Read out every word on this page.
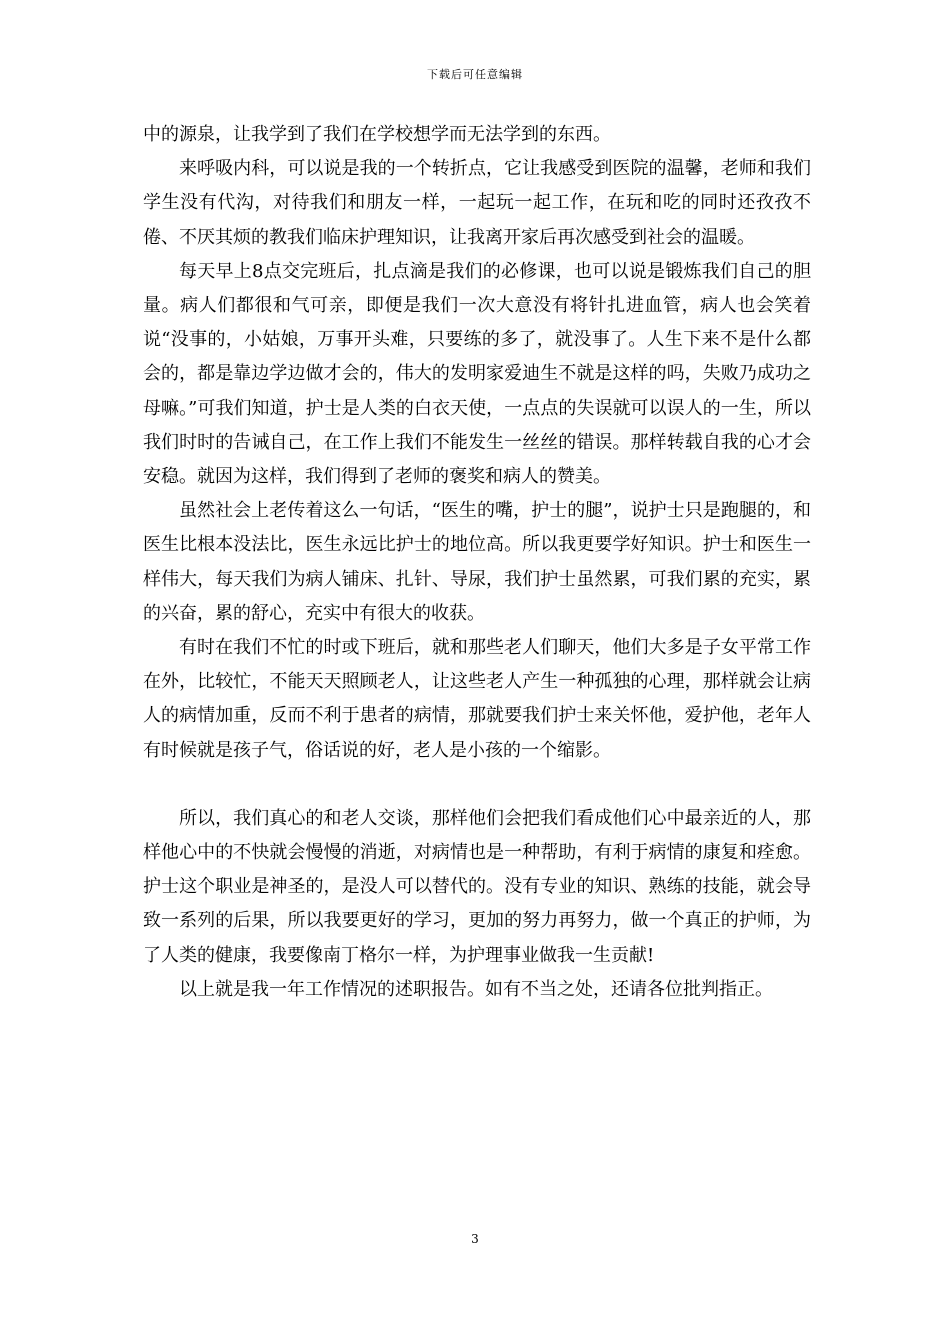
下载后可任意编辑

中的源泉，让我学到了我们在学校想学而无法学到的东西。

来呼吸内科，可以说是我的一个转折点，它让我感受到医院的温馨，老师和我们学生没有代沟，对待我们和朋友一样，一起玩一起工作，在玩和吃的同时还孜孜不倦、不厌其烦的教我们临床护理知识，让我离开家后再次感受到社会的温暖。

每天早上8点交完班后，扎点滴是我们的必修课，也可以说是锻炼我们自己的胆量。病人们都很和气可亲，即便是我们一次大意没有将针扎进血管，病人也会笑着说“没事的，小姑娘，万事开头难，只要练的多了，就没事了。人生下来不是什么都会的，都是靠边学边做才会的，伟大的发明家爱迪生不就是这样的吗，失败乃成功之母嘛。”可我们知道，护士是人类的白衣天使，一点点的失误就可以误人的一生，所以我们时时的告诫自己，在工作上我们不能发生一丝丝的错误。那样转载自我的心才会安稳。就因为这样，我们得到了老师的褒奖和病人的赞美。

虽然社会上老传着这么一句话，“医生的嘴，护士的腿”，说护士只是跑腿的，和医生比根本没法比，医生永远比护士的地位高。所以我更要学好知识。护士和医生一样伟大，每天我们为病人铺床、扎针、导尿，我们护士虽然累，可我们累的充实，累的兴奋，累的舒心，充实中有很大的收获。

有时在我们不忙的时或下班后，就和那些老人们聊天，他们大多是子女平常工作在外，比较忙，不能天天照顾老人，让这些老人产生一种孤独的心理，那样就会让病人的病情加重，反而不利于患者的病情，那就要我们护士来关怀他，爱护他，老年人有时候就是孩子气，俗话说的好，老人是小孩的一个缩影。

所以，我们真心的和老人交谈，那样他们会把我们看成他们心中最亲近的人，那样他心中的不快就会慢慢的消逝，对病情也是一种帮助，有利于病情的康复和痊愈。护士这个职业是神圣的，是没人可以替代的。没有专业的知识、熟练的技能，就会导致一系列的后果，所以我要更好的学习，更加的努力再努力，做一个真正的护师，为了人类的健康，我要像南丁格尔一样，为护理事业做我一生贡献!

以上就是我一年工作情况的述职报告。如有不当之处，还请各位批判指正。

3
